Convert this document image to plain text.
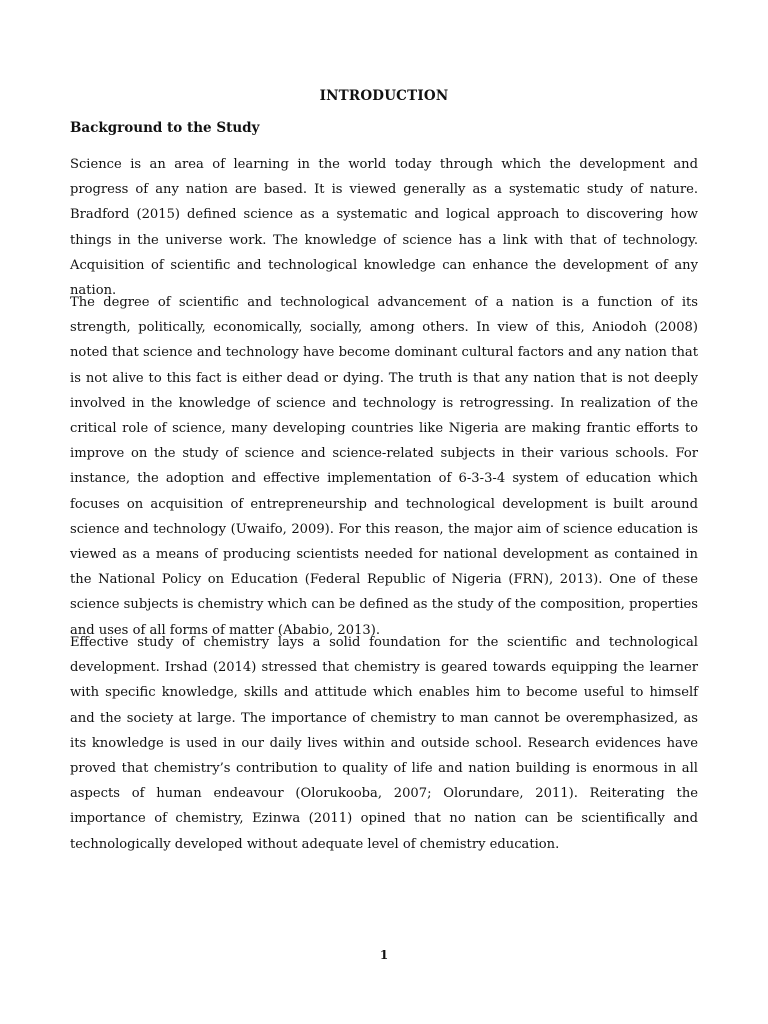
INTRODUCTION
Background to the Study

Science is an area of learning in the world today through which the development and progress of any nation are based. It is viewed generally as a systematic study of nature. Bradford (2015) defined science as a systematic and logical approach to discovering how things in the universe work. The knowledge of science has a link with that of technology. Acquisition of scientific and technological knowledge can enhance the development of any nation.

The degree of scientific and technological advancement of a nation is a function of its strength, politically, economically, socially, among others. In view of this, Aniodoh (2008) noted that science and technology have become dominant cultural factors and any nation that is not alive to this fact is either dead or dying. The truth is that any nation that is not deeply involved in the knowledge of science and technology is retrogressing. In realization of the critical role of science, many developing countries like Nigeria are making frantic efforts to improve on the study of science and science-related subjects in their various schools. For instance, the adoption and effective implementation of 6-3-3-4 system of education which focuses on acquisition of entrepreneurship and technological development is built around science and technology (Uwaifo, 2009). For this reason, the major aim of science education is viewed as a means of producing scientists needed for national development as contained in the National Policy on Education (Federal Republic of Nigeria (FRN), 2013). One of these science subjects is chemistry which can be defined as the study of the composition, properties and uses of all forms of matter (Ababio, 2013).

Effective study of chemistry lays a solid foundation for the scientific and technological development. Irshad (2014) stressed that chemistry is geared towards equipping the learner with specific knowledge, skills and attitude which enables him to become useful to himself and the society at large. The importance of chemistry to man cannot be overemphasized, as its knowledge is used in our daily lives within and outside school. Research evidences have proved that chemistry’s contribution to quality of life and nation building is enormous in all aspects of human endeavour (Olorukooba, 2007; Olorundare, 2011). Reiterating the importance of chemistry, Ezinwa (2011) opined that no nation can be scientifically and technologically developed without adequate level of chemistry education.

1
